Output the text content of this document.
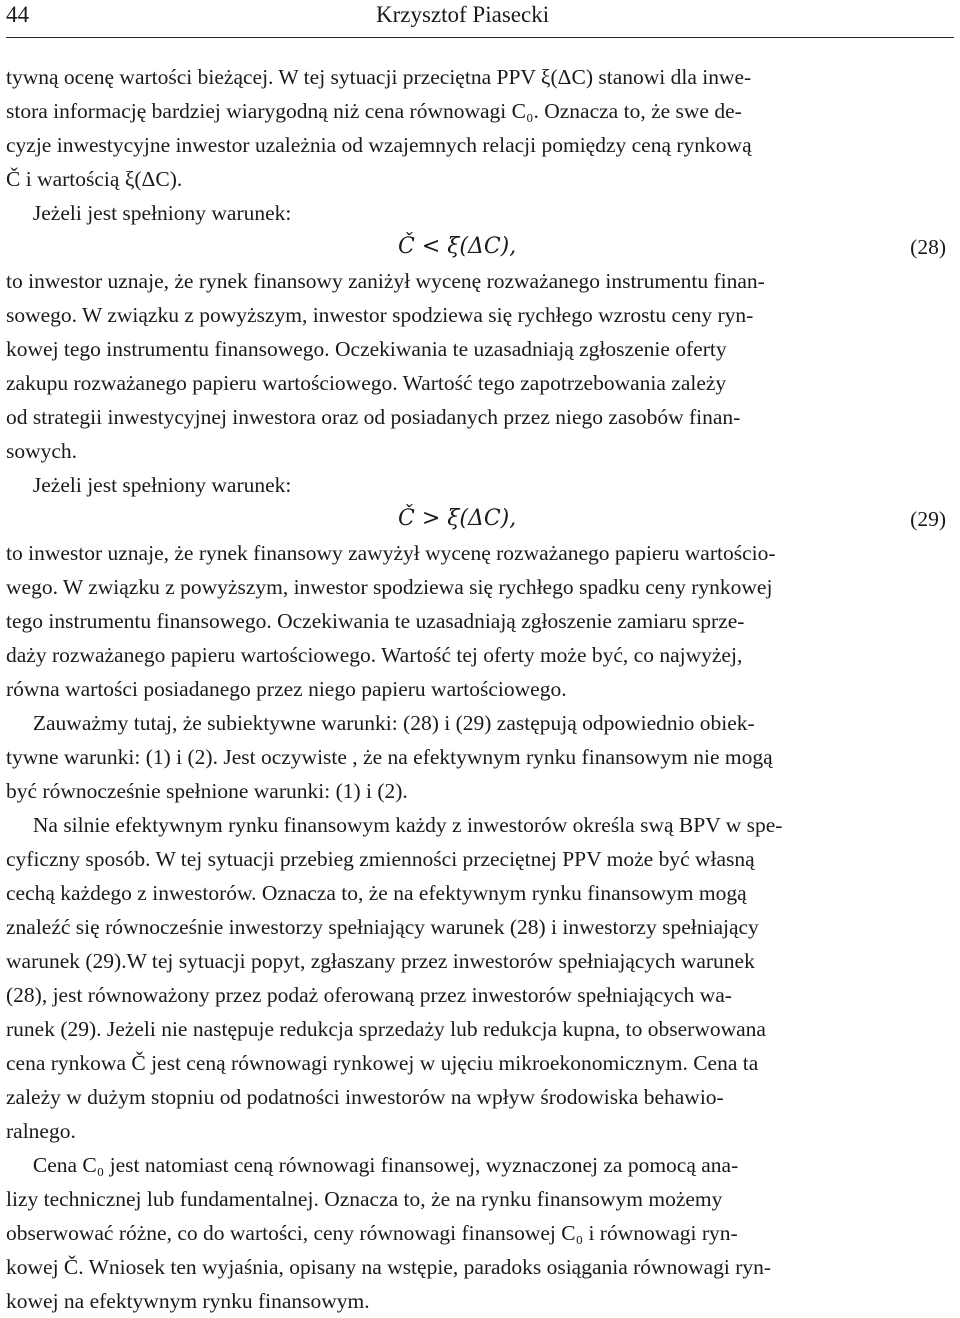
44	Krzysztof Piasecki
tywną ocenę wartości bieżącej. W tej sytuacji przeciętna PPV ξ(ΔC) stanowi dla inwe-
stora informację bardziej wiarygodną niż cena równowagi C₀. Oznacza to, że swe de-
cyzje inwestycyjne inwestor uzależnia od wzajemnych relacji pomiędzy ceną rynkową
Č i wartością ξ(ΔC).
Jeżeli jest spełniony warunek:
Č < ξ(ΔC),	(28)
to inwestor uznaje, że rynek finansowy zaniżył wycenę rozważanego instrumentu finan-
sowego. W związku z powyższym, inwestor spodziewa się rychłego wzrostu ceny ryn-
kowej tego instrumentu finansowego. Oczekiwania te uzasadniają zgłoszenie oferty
zakupu rozważanego papieru wartościowego. Wartość tego zapotrzebowania zależy
od strategii inwestycyjnej inwestora oraz od posiadanych przez niego zasobów finan-
sowych.
Jeżeli jest spełniony warunek:
Č > ξ(ΔC),	(29)
to inwestor uznaje, że rynek finansowy zawyżył wycenę rozważanego papieru wartościo-
wego. W związku z powyższym, inwestor spodziewa się rychłego spadku ceny rynkowej
tego instrumentu finansowego. Oczekiwania te uzasadniają zgłoszenie zamiaru sprze-
daży rozważanego papieru wartościowego. Wartość tej oferty może być, co najwyżej,
równa wartości posiadanego przez niego papieru wartościowego.
Zauważmy tutaj, że subiektywne warunki: (28) i (29) zastępują odpowiednio obiek-
tywne warunki: (1) i (2). Jest oczywiste , że na efektywnym rynku finansowym nie mogą
być równocześnie spełnione warunki: (1) i (2).
Na silnie efektywnym rynku finansowym każdy z inwestorów określa swą BPV w spe-
cyficzny sposób. W tej sytuacji przebieg zmienności przeciętnej PPV może być własną
cechą każdego z inwestorów. Oznacza to, że na efektywnym rynku finansowym mogą
znaleźć się równocześnie inwestorzy spełniający warunek (28) i inwestorzy spełniający
warunek (29).W tej sytuacji popyt, zgłaszany przez inwestorów spełniających warunek
(28), jest równoważony przez podaż oferowaną przez inwestorów spełniających wa-
runek (29). Jeżeli nie następuje redukcja sprzedaży lub redukcja kupna, to obserwowana
cena rynkowa Č jest ceną równowagi rynkowej w ujęciu mikroekonomicznym. Cena ta
zależy w dużym stopniu od podatności inwestorów na wpływ środowiska behawio-
ralnego.
Cena C₀ jest natomiast ceną równowagi finansowej, wyznaczonej za pomocą ana-
lizy technicznej lub fundamentalnej. Oznacza to, że na rynku finansowym możemy
obserwować różne, co do wartości, ceny równowagi finansowej C₀ i równowagi ryn-
kowej Č. Wniosek ten wyjaśnia, opisany na wstępie, paradoks osiągania równowagi ryn-
kowej na efektywnym rynku finansowym.
